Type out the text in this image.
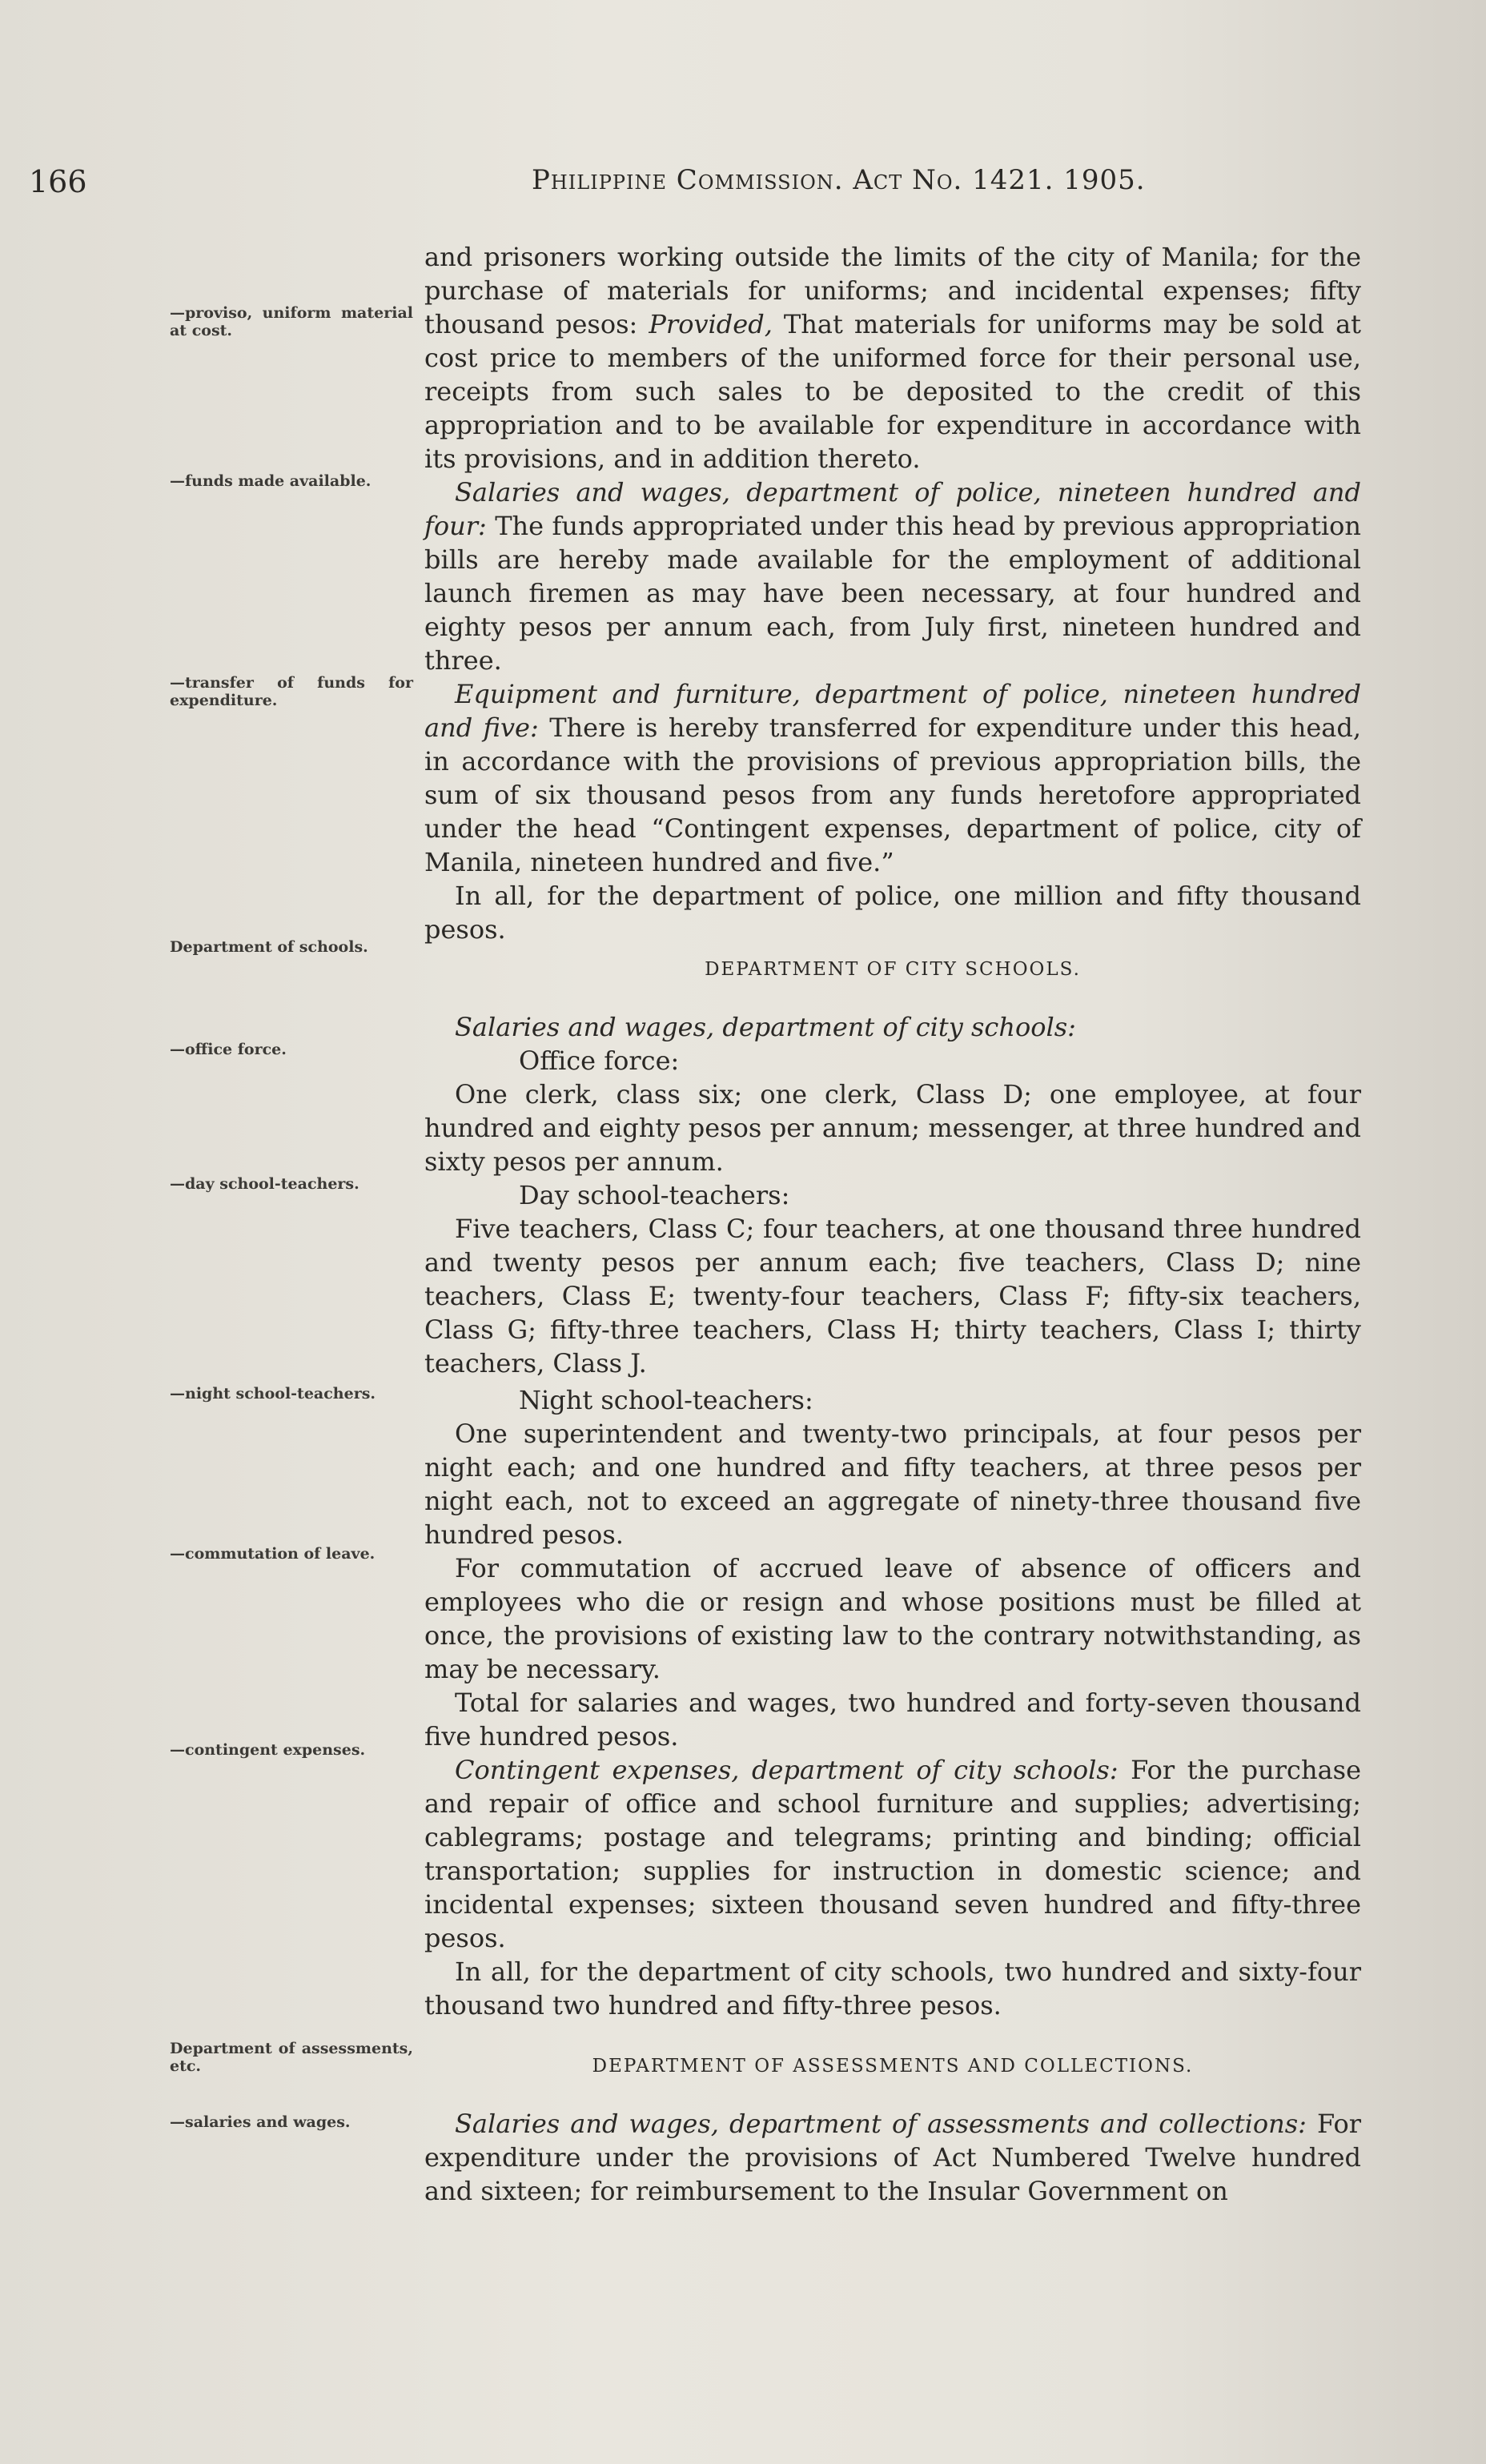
166	Philippine Commission. Act No. 1421. 1905.
—proviso, uniform material at cost.
—funds made available.
—transfer of funds for expenditure.
Department of schools.
—office force.
—day school-teachers.
—night school-teachers.
—commutation of leave.
—contingent expenses.
Department of assessments, etc.
—salaries and wages.

and prisoners working outside the limits of the city of Manila; for the purchase of materials for uniforms; and incidental expenses; fifty thousand pesos: Provided, That materials for uniforms may be sold at cost price to members of the uniformed force for their personal use, receipts from such sales to be deposited to the credit of this appropriation and to be available for expenditure in accordance with its provisions, and in addition thereto.

Salaries and wages, department of police, nineteen hundred and four: The funds appropriated under this head by previous appropriation bills are hereby made available for the employment of additional launch firemen as may have been necessary, at four hundred and eighty pesos per annum each, from July first, nineteen hundred and three.

Equipment and furniture, department of police, nineteen hundred and five: There is hereby transferred for expenditure under this head, in accordance with the provisions of previous appropriation bills, the sum of six thousand pesos from any funds heretofore appropriated under the head “Contingent expenses, department of police, city of Manila, nineteen hundred and five.”

In all, for the department of police, one million and fifty thousand pesos.

DEPARTMENT OF CITY SCHOOLS.

Salaries and wages, department of city schools:

Office force:

One clerk, class six; one clerk, Class D; one employee, at four hundred and eighty pesos per annum; messenger, at three hundred and sixty pesos per annum.

Day school-teachers:

Five teachers, Class C; four teachers, at one thousand three hundred and twenty pesos per annum each; five teachers, Class D; nine teachers, Class E; twenty-four teachers, Class F; fifty-six teachers, Class G; fifty-three teachers, Class H; thirty teachers, Class I; thirty teachers, Class J.

Night school-teachers:

One superintendent and twenty-two principals, at four pesos per night each; and one hundred and fifty teachers, at three pesos per night each, not to exceed an aggregate of ninety-three thousand five hundred pesos.

For commutation of accrued leave of absence of officers and employees who die or resign and whose positions must be filled at once, the provisions of existing law to the contrary notwithstanding, as may be necessary.

Total for salaries and wages, two hundred and forty-seven thousand five hundred pesos.

Contingent expenses, department of city schools: For the purchase and repair of office and school furniture and supplies; advertising; cablegrams; postage and telegrams; printing and binding; official transportation; supplies for instruction in domestic science; and incidental expenses; sixteen thousand seven hundred and fifty-three pesos.

In all, for the department of city schools, two hundred and sixty-four thousand two hundred and fifty-three pesos.

DEPARTMENT OF ASSESSMENTS AND COLLECTIONS.

Salaries and wages, department of assessments and collections: For expenditure under the provisions of Act Numbered Twelve hundred and sixteen; for reimbursement to the Insular Government on
